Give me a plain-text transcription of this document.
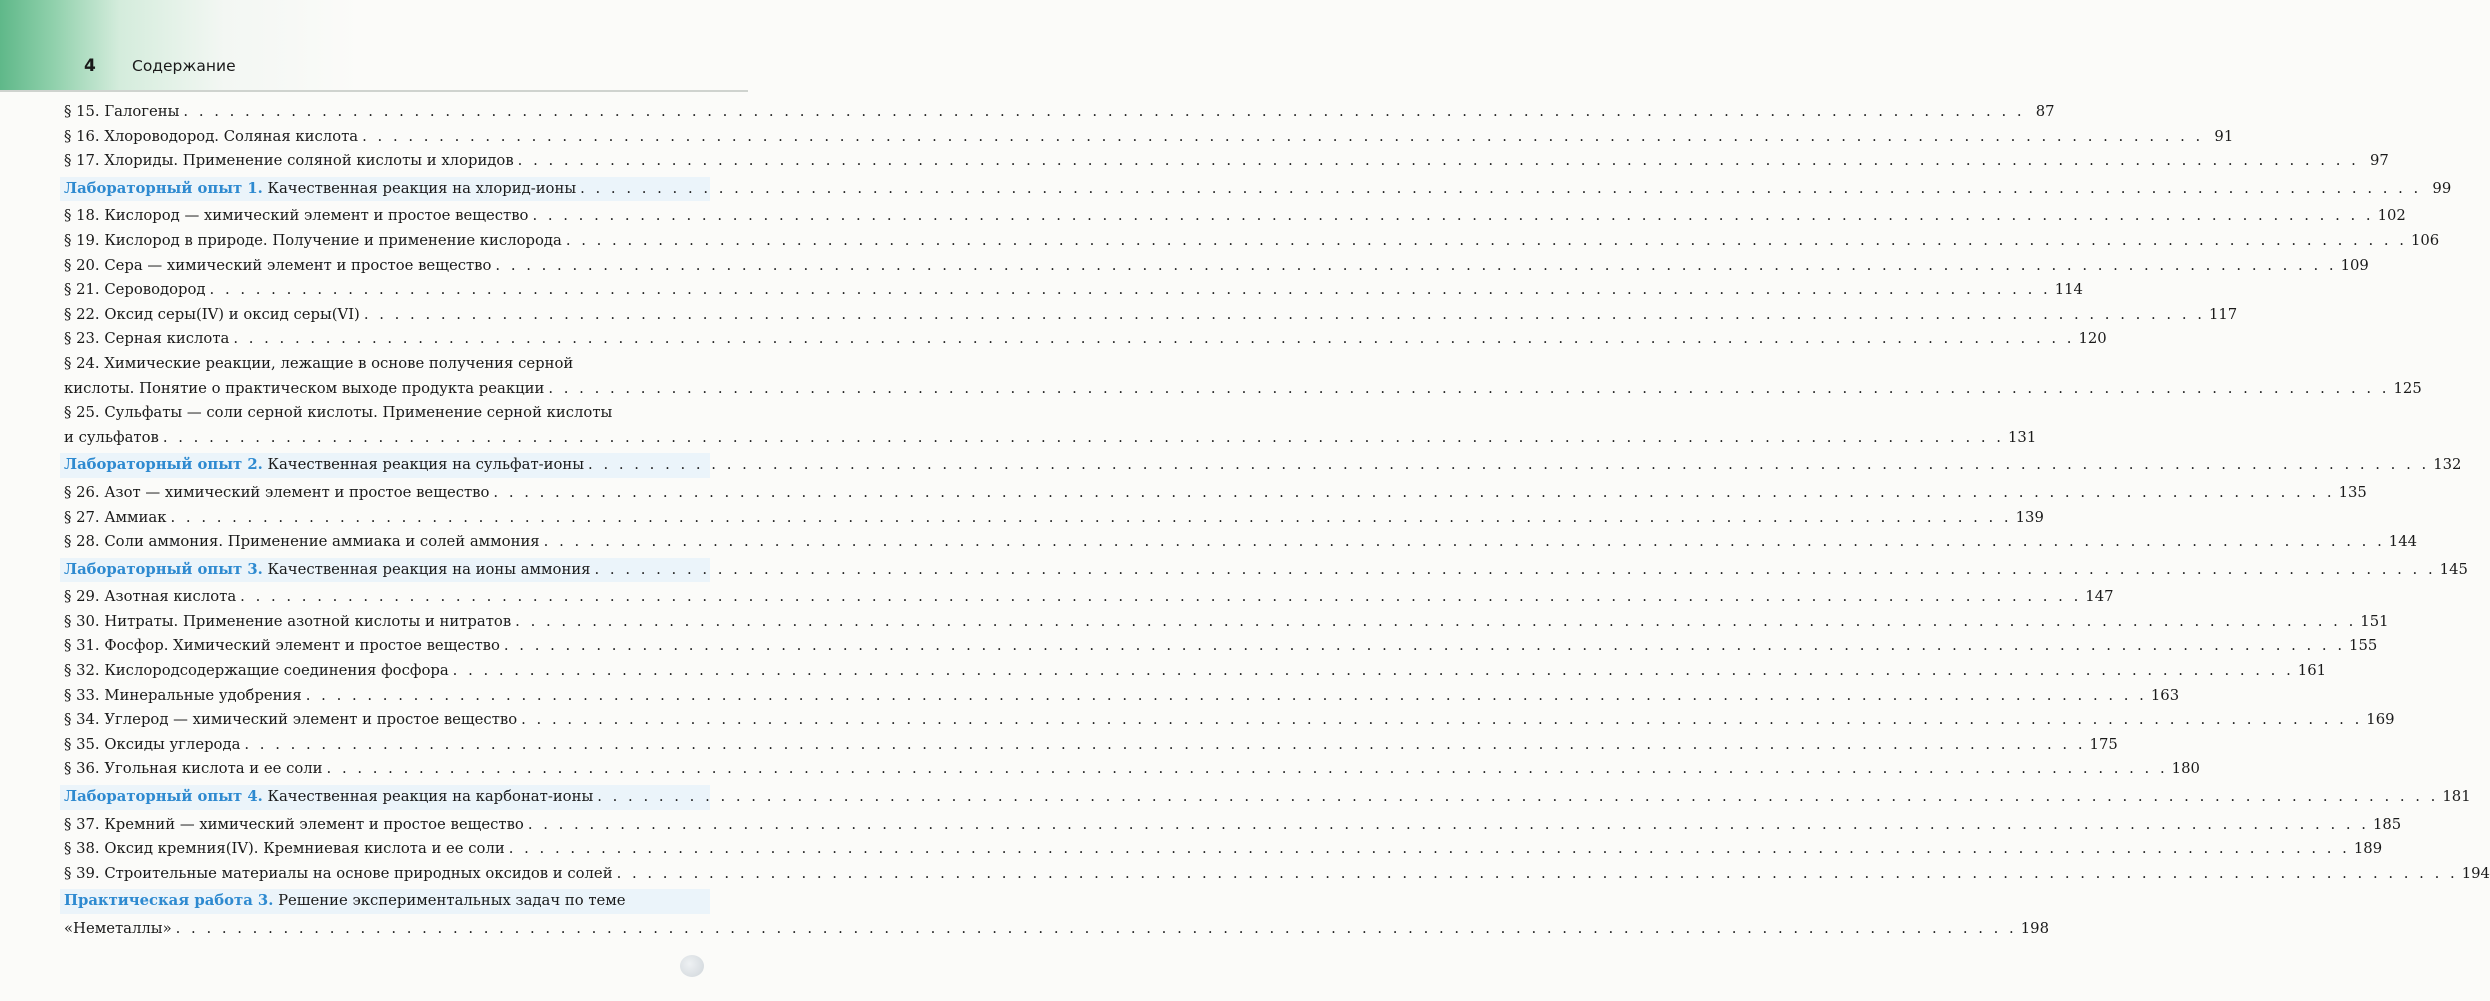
4 Содержание
§ 15. Галогены . . . . . . . . . . . . . . . . . . . . . . . . . . . . . . . . . . . . . . . . . . . . . . . . . . . . . . . . . . . . . . . . . . . . . . . . . . . . . . . . . . . . . . . . . . . . . . . . . . . . . . . . . . . . . . . . . . . . . . . . 87
§ 16. Хлороводород. Соляная кислота . . . . . . . . . . . . . . . . . . . . . . . . . . . . . . . . . . . . . . . . . . . . . . . . . . . . . . . . . . . . . . . . . . . . . . . . . . . . . . . . . . . . . . . . . . . . . . . . . . . . . . . . . . . . . . . . . . . . . . . . 91
§ 17. Хлориды. Применение соляной кислоты и хлоридов . . . . . . . . . . . . . . . . . . . . . . . . . . . . . . . . . . . . . . . . . . . . . . . . . . . . . . . . . . . . . . . . . . . . . . . . . . . . . . . . . . . . . . . . . . . . . . . . . . . . . . . . . . . . . . . . . . . . . . . . 97
Лабораторный опыт 1. Качественная реакция на хлорид-ионы . . . . . . . . . . . . . . . . . . . . . . . . . . . . . . . . . . . . . . . . . . . . . . . . . . . . . . . . . . . . . . . . . . . . . . . . . . . . . . . . . . . . . . . . . . . . . . . . . . . . . . . . . . . . . . . . . . . . . . . . 99
§ 18. Кислород — химический элемент и простое вещество . . . . . . . . . . . . . . . . . . . . . . . . . . . . . . . . . . . . . . . . . . . . . . . . . . . . . . . . . . . . . . . . . . . . . . . . . . . . . . . . . . . . . . . . . . . . . . . . . . . . . . . . . . . . . . . . . . . . . . . . 102
§ 19. Кислород в природе. Получение и применение кислорода . . . . . . . . . . . . . . . . . . . . . . . . . . . . . . . . . . . . . . . . . . . . . . . . . . . . . . . . . . . . . . . . . . . . . . . . . . . . . . . . . . . . . . . . . . . . . . . . . . . . . . . . . . . . . . . . . . . . . . . . 106
§ 20. Сера — химический элемент и простое вещество . . . . . . . . . . . . . . . . . . . . . . . . . . . . . . . . . . . . . . . . . . . . . . . . . . . . . . . . . . . . . . . . . . . . . . . . . . . . . . . . . . . . . . . . . . . . . . . . . . . . . . . . . . . . . . . . . . . . . . . . 109
§ 21. Сероводород . . . . . . . . . . . . . . . . . . . . . . . . . . . . . . . . . . . . . . . . . . . . . . . . . . . . . . . . . . . . . . . . . . . . . . . . . . . . . . . . . . . . . . . . . . . . . . . . . . . . . . . . . . . . . . . . . . . . . . . . 114
§ 22. Оксид серы(IV) и оксид серы(VI) . . . . . . . . . . . . . . . . . . . . . . . . . . . . . . . . . . . . . . . . . . . . . . . . . . . . . . . . . . . . . . . . . . . . . . . . . . . . . . . . . . . . . . . . . . . . . . . . . . . . . . . . . . . . . . . . . . . . . . . . 117
§ 23. Серная кислота . . . . . . . . . . . . . . . . . . . . . . . . . . . . . . . . . . . . . . . . . . . . . . . . . . . . . . . . . . . . . . . . . . . . . . . . . . . . . . . . . . . . . . . . . . . . . . . . . . . . . . . . . . . . . . . . . . . . . . . . 120
§ 24. Химические реакции, лежащие в основе получения серной
кислоты. Понятие о практическом выходе продукта реакции . . . . . . . . . . . . . . . . . . . . . . . . . . . . . . . . . . . . . . . . . . . . . . . . . . . . . . . . . . . . . . . . . . . . . . . . . . . . . . . . . . . . . . . . . . . . . . . . . . . . . . . . . . . . . . . . . . . . . . . . 125
§ 25. Сульфаты — соли серной кислоты. Применение серной кислоты
и сульфатов . . . . . . . . . . . . . . . . . . . . . . . . . . . . . . . . . . . . . . . . . . . . . . . . . . . . . . . . . . . . . . . . . . . . . . . . . . . . . . . . . . . . . . . . . . . . . . . . . . . . . . . . . . . . . . . . . . . . . . . . 131
Лабораторный опыт 2. Качественная реакция на сульфат-ионы . . . . . . . . . . . . . . . . . . . . . . . . . . . . . . . . . . . . . . . . . . . . . . . . . . . . . . . . . . . . . . . . . . . . . . . . . . . . . . . . . . . . . . . . . . . . . . . . . . . . . . . . . . . . . . . . . . . . . . . . 132
§ 26. Азот — химический элемент и простое вещество . . . . . . . . . . . . . . . . . . . . . . . . . . . . . . . . . . . . . . . . . . . . . . . . . . . . . . . . . . . . . . . . . . . . . . . . . . . . . . . . . . . . . . . . . . . . . . . . . . . . . . . . . . . . . . . . . . . . . . . . 135
§ 27. Аммиак . . . . . . . . . . . . . . . . . . . . . . . . . . . . . . . . . . . . . . . . . . . . . . . . . . . . . . . . . . . . . . . . . . . . . . . . . . . . . . . . . . . . . . . . . . . . . . . . . . . . . . . . . . . . . . . . . . . . . . . . 139
§ 28. Соли аммония. Применение аммиака и солей аммония . . . . . . . . . . . . . . . . . . . . . . . . . . . . . . . . . . . . . . . . . . . . . . . . . . . . . . . . . . . . . . . . . . . . . . . . . . . . . . . . . . . . . . . . . . . . . . . . . . . . . . . . . . . . . . . . . . . . . . . . 144
Лабораторный опыт 3. Качественная реакция на ионы аммония . . . . . . . . . . . . . . . . . . . . . . . . . . . . . . . . . . . . . . . . . . . . . . . . . . . . . . . . . . . . . . . . . . . . . . . . . . . . . . . . . . . . . . . . . . . . . . . . . . . . . . . . . . . . . . . . . . . . . . . . 145
§ 29. Азотная кислота . . . . . . . . . . . . . . . . . . . . . . . . . . . . . . . . . . . . . . . . . . . . . . . . . . . . . . . . . . . . . . . . . . . . . . . . . . . . . . . . . . . . . . . . . . . . . . . . . . . . . . . . . . . . . . . . . . . . . . . . 147
§ 30. Нитраты. Применение азотной кислоты и нитратов . . . . . . . . . . . . . . . . . . . . . . . . . . . . . . . . . . . . . . . . . . . . . . . . . . . . . . . . . . . . . . . . . . . . . . . . . . . . . . . . . . . . . . . . . . . . . . . . . . . . . . . . . . . . . . . . . . . . . . . . 151
§ 31. Фосфор. Химический элемент и простое вещество . . . . . . . . . . . . . . . . . . . . . . . . . . . . . . . . . . . . . . . . . . . . . . . . . . . . . . . . . . . . . . . . . . . . . . . . . . . . . . . . . . . . . . . . . . . . . . . . . . . . . . . . . . . . . . . . . . . . . . . . 155
§ 32. Кислородсодержащие соединения фосфора . . . . . . . . . . . . . . . . . . . . . . . . . . . . . . . . . . . . . . . . . . . . . . . . . . . . . . . . . . . . . . . . . . . . . . . . . . . . . . . . . . . . . . . . . . . . . . . . . . . . . . . . . . . . . . . . . . . . . . . . 161
§ 33. Минеральные удобрения . . . . . . . . . . . . . . . . . . . . . . . . . . . . . . . . . . . . . . . . . . . . . . . . . . . . . . . . . . . . . . . . . . . . . . . . . . . . . . . . . . . . . . . . . . . . . . . . . . . . . . . . . . . . . . . . . . . . . . . . 163
§ 34. Углерод — химический элемент и простое вещество . . . . . . . . . . . . . . . . . . . . . . . . . . . . . . . . . . . . . . . . . . . . . . . . . . . . . . . . . . . . . . . . . . . . . . . . . . . . . . . . . . . . . . . . . . . . . . . . . . . . . . . . . . . . . . . . . . . . . . . . 169
§ 35. Оксиды углерода . . . . . . . . . . . . . . . . . . . . . . . . . . . . . . . . . . . . . . . . . . . . . . . . . . . . . . . . . . . . . . . . . . . . . . . . . . . . . . . . . . . . . . . . . . . . . . . . . . . . . . . . . . . . . . . . . . . . . . . . 175
§ 36. Угольная кислота и ее соли . . . . . . . . . . . . . . . . . . . . . . . . . . . . . . . . . . . . . . . . . . . . . . . . . . . . . . . . . . . . . . . . . . . . . . . . . . . . . . . . . . . . . . . . . . . . . . . . . . . . . . . . . . . . . . . . . . . . . . . . 180
Лабораторный опыт 4. Качественная реакция на карбонат-ионы . . . . . . . . . . . . . . . . . . . . . . . . . . . . . . . . . . . . . . . . . . . . . . . . . . . . . . . . . . . . . . . . . . . . . . . . . . . . . . . . . . . . . . . . . . . . . . . . . . . . . . . . . . . . . . . . . . . . . . . . 181
§ 37. Кремний — химический элемент и простое вещество . . . . . . . . . . . . . . . . . . . . . . . . . . . . . . . . . . . . . . . . . . . . . . . . . . . . . . . . . . . . . . . . . . . . . . . . . . . . . . . . . . . . . . . . . . . . . . . . . . . . . . . . . . . . . . . . . . . . . . . . 185
§ 38. Оксид кремния(IV). Кремниевая кислота и ее соли . . . . . . . . . . . . . . . . . . . . . . . . . . . . . . . . . . . . . . . . . . . . . . . . . . . . . . . . . . . . . . . . . . . . . . . . . . . . . . . . . . . . . . . . . . . . . . . . . . . . . . . . . . . . . . . . . . . . . . . . 189
§ 39. Строительные материалы на основе природных оксидов и солей . . . . . . . . . . . . . . . . . . . . . . . . . . . . . . . . . . . . . . . . . . . . . . . . . . . . . . . . . . . . . . . . . . . . . . . . . . . . . . . . . . . . . . . . . . . . . . . . . . . . . . . . . . . . . . . . . . . . . . . . 194
Практическая работа 3. Решение экспериментальных задач по теме
«Неметаллы» . . . . . . . . . . . . . . . . . . . . . . . . . . . . . . . . . . . . . . . . . . . . . . . . . . . . . . . . . . . . . . . . . . . . . . . . . . . . . . . . . . . . . . . . . . . . . . . . . . . . . . . . . . . . . . . . . . . . . . . . 198
